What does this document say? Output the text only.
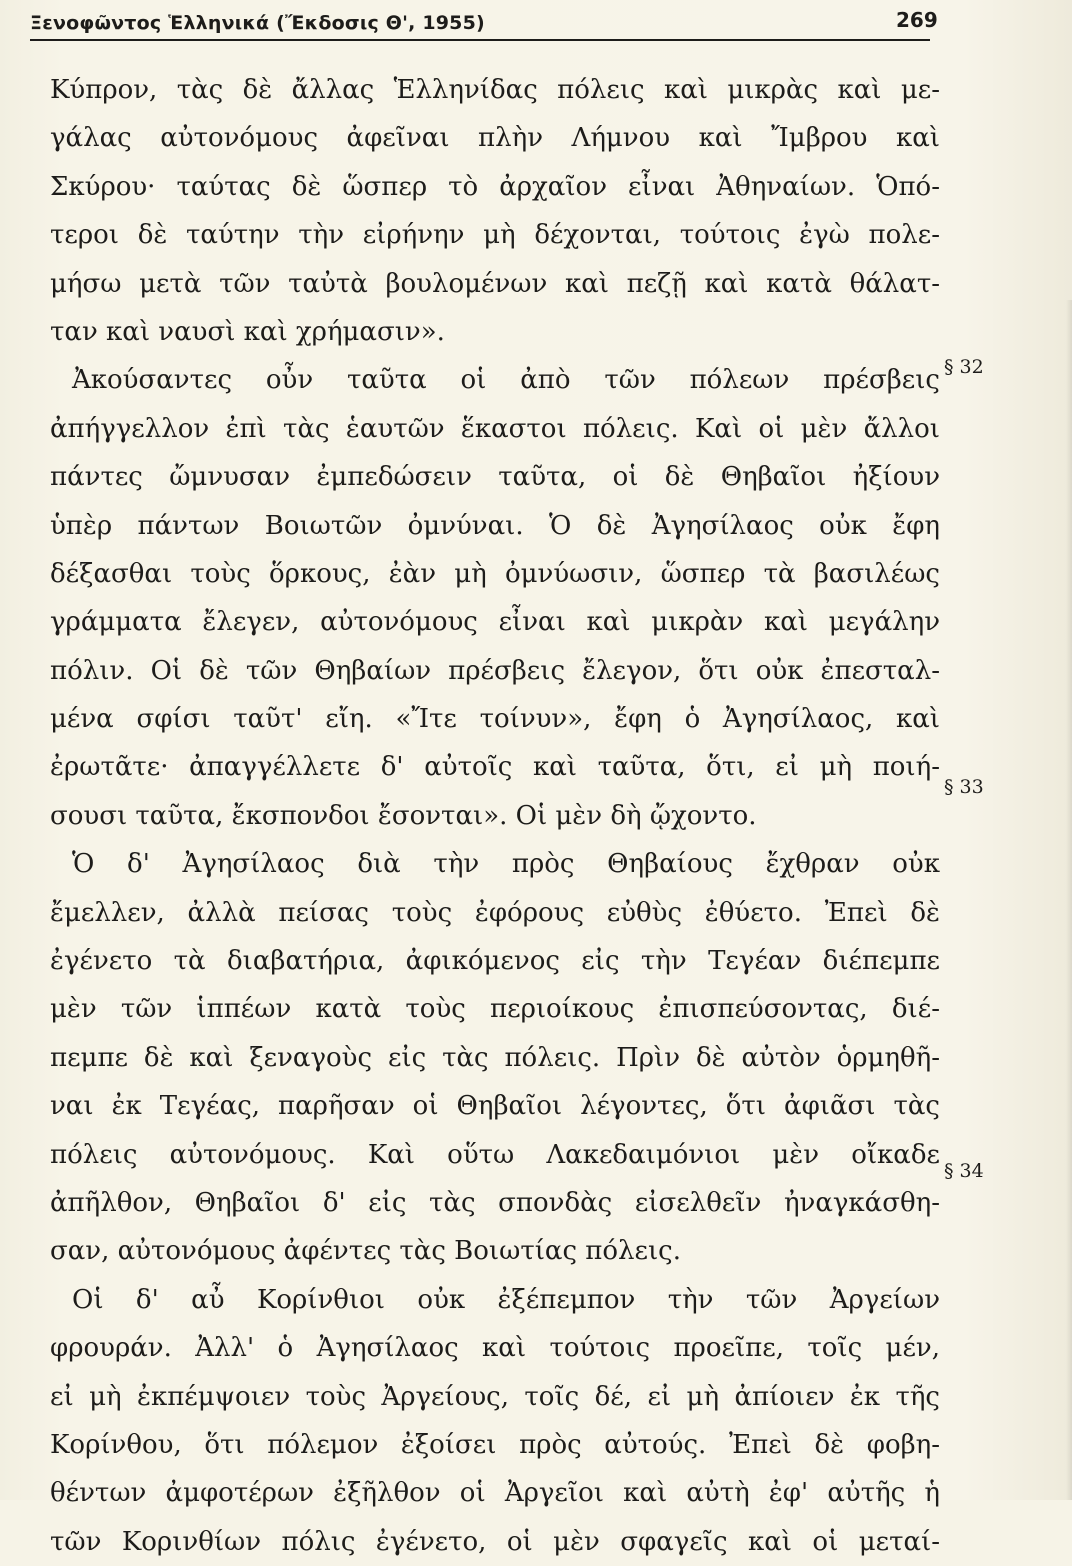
Ξενοφῶντος Ἑλληνικά (Ἔκδοσις Θ', 1955)	269
Κύπρον, τὰς δὲ ἄλλας Ἑλληνίδας πόλεις καὶ μικρὰς καὶ με-
γάλας αὐτονόμους ἀφεῖναι πλὴν Λήμνου καὶ Ἴμβρου καὶ
Σκύρου· ταύτας δὲ ὥσπερ τὸ ἀρχαῖον εἶναι Ἀθηναίων. Ὁπό-
τεροι δὲ ταύτην τὴν εἰρήνην μὴ δέχονται, τούτοις ἐγὼ πολε-
μήσω μετὰ τῶν ταὐτὰ βουλομένων καὶ πεζῇ καὶ κατὰ θάλατ-
ταν καὶ ναυσὶ καὶ χρήμασιν».
Ἀκούσαντες οὖν ταῦτα οἱ ἀπὸ τῶν πόλεων πρέσβεις
ἀπήγγελλον ἐπὶ τὰς ἑαυτῶν ἕκαστοι πόλεις. Καὶ οἱ μὲν ἄλλοι
πάντες ὤμνυσαν ἐμπεδώσειν ταῦτα, οἱ δὲ Θηβαῖοι ἠξίουν
ὑπὲρ πάντων Βοιωτῶν ὀμνύναι. Ὁ δὲ Ἀγησίλαος οὐκ ἔφη
δέξασθαι τοὺς ὅρκους, ἐὰν μὴ ὀμνύωσιν, ὥσπερ τὰ βασιλέως
γράμματα ἔλεγεν, αὐτονόμους εἶναι καὶ μικρὰν καὶ μεγάλην
πόλιν. Οἱ δὲ τῶν Θηβαίων πρέσβεις ἔλεγον, ὅτι οὐκ ἐπεσταλ-
μένα σφίσι ταῦτ' εἴη. «Ἴτε τοίνυν», ἔφη ὁ Ἀγησίλαος, καὶ
ἐρωτᾶτε· ἀπαγγέλλετε δ' αὐτοῖς καὶ ταῦτα, ὅτι, εἰ μὴ ποιή-
σουσι ταῦτα, ἔκσπονδοι ἔσονται». Οἱ μὲν δὴ ᾤχοντο.
Ὁ δ' Ἀγησίλαος διὰ τὴν πρὸς Θηβαίους ἔχθραν οὐκ
ἔμελλεν, ἀλλὰ πείσας τοὺς ἐφόρους εὐθὺς ἐθύετο. Ἐπεὶ δὲ
ἐγένετο τὰ διαβατήρια, ἀφικόμενος εἰς τὴν Τεγέαν διέπεμπε
μὲν τῶν ἱππέων κατὰ τοὺς περιοίκους ἐπισπεύσοντας, διέ-
πεμπε δὲ καὶ ξεναγοὺς εἰς τὰς πόλεις. Πρὶν δὲ αὐτὸν ὁρμηθῆ-
ναι ἐκ Τεγέας, παρῆσαν οἱ Θηβαῖοι λέγοντες, ὅτι ἀφιᾶσι τὰς
πόλεις αὐτονόμους. Καὶ οὕτω Λακεδαιμόνιοι μὲν οἴκαδε
ἀπῆλθον, Θηβαῖοι δ' εἰς τὰς σπονδὰς εἰσελθεῖν ἠναγκάσθη-
σαν, αὐτονόμους ἀφέντες τὰς Βοιωτίας πόλεις.
Οἱ δ' αὖ Κορίνθιοι οὐκ ἐξέπεμπον τὴν τῶν Ἀργείων
φρουράν. Ἀλλ' ὁ Ἀγησίλαος καὶ τούτοις προεῖπε, τοῖς μέν,
εἰ μὴ ἐκπέμψοιεν τοὺς Ἀργείους, τοῖς δέ, εἰ μὴ ἀπίοιεν ἐκ τῆς
Κορίνθου, ὅτι πόλεμον ἐξοίσει πρὸς αὐτούς. Ἐπεὶ δὲ φοβη-
θέντων ἀμφοτέρων ἐξῆλθον οἱ Ἀργεῖοι καὶ αὐτὴ ἐφ' αὐτῆς ἡ
τῶν Κορινθίων πόλις ἐγένετο, οἱ μὲν σφαγεῖς καὶ οἱ μεταί-
§ 32
§ 33
§ 34
